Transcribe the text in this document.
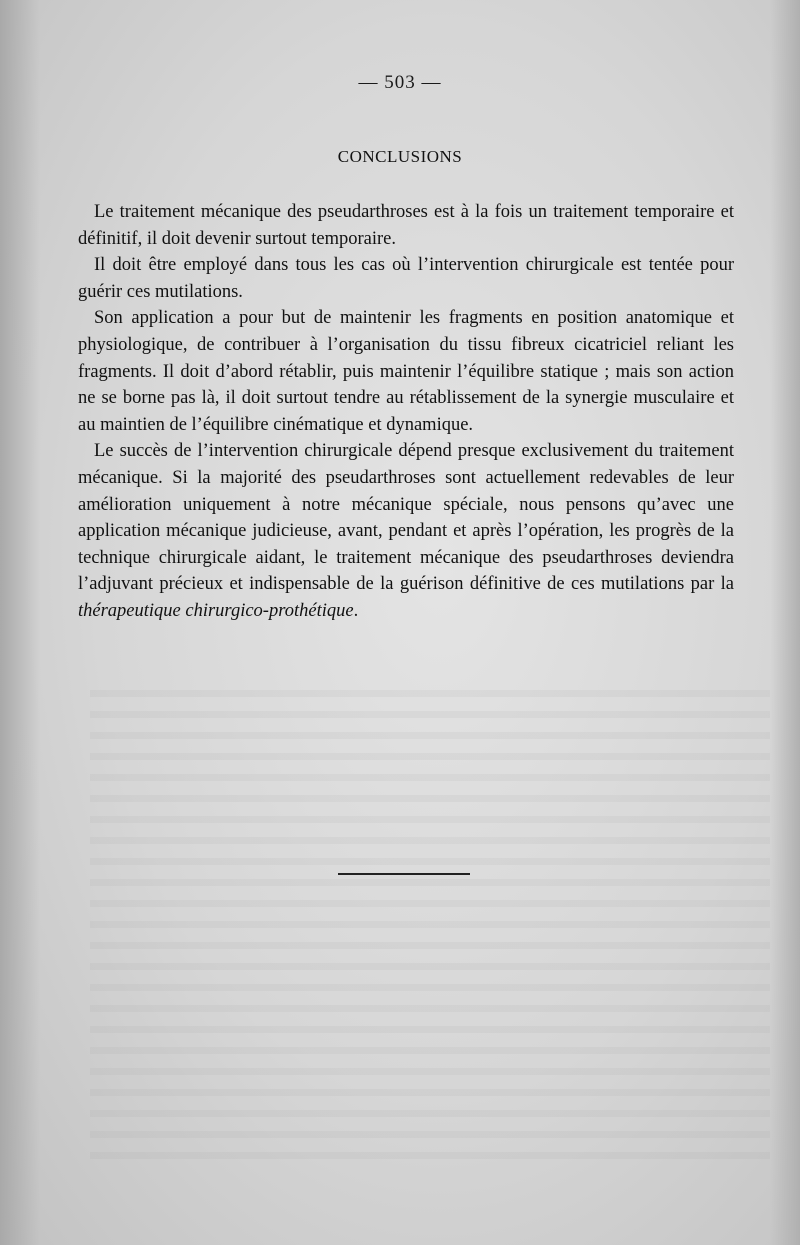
— 503 —
CONCLUSIONS

Le traitement mécanique des pseudarthroses est à la fois un traitement temporaire et définitif, il doit devenir surtout temporaire.

Il doit être employé dans tous les cas où l’intervention chirurgicale est tentée pour guérir ces mutilations.

Son application a pour but de maintenir les fragments en position anatomique et physiologique, de contribuer à l’organisation du tissu fibreux cicatriciel reliant les fragments. Il doit d’abord rétablir, puis maintenir l’équilibre statique ; mais son action ne se borne pas là, il doit surtout tendre au rétablissement de la synergie musculaire et au maintien de l’équilibre cinématique et dynamique.

Le succès de l’intervention chirurgicale dépend presque exclusivement du traitement mécanique. Si la majorité des pseudarthroses sont actuellement redevables de leur amélioration uniquement à notre mécanique spéciale, nous pensons qu’avec une application mécanique judicieuse, avant, pendant et après l’opération, les progrès de la technique chirurgicale aidant, le traitement mécanique des pseudarthroses deviendra l’adjuvant précieux et indispensable de la guérison définitive de ces mutilations par la thérapeutique chirurgico-prothétique.
